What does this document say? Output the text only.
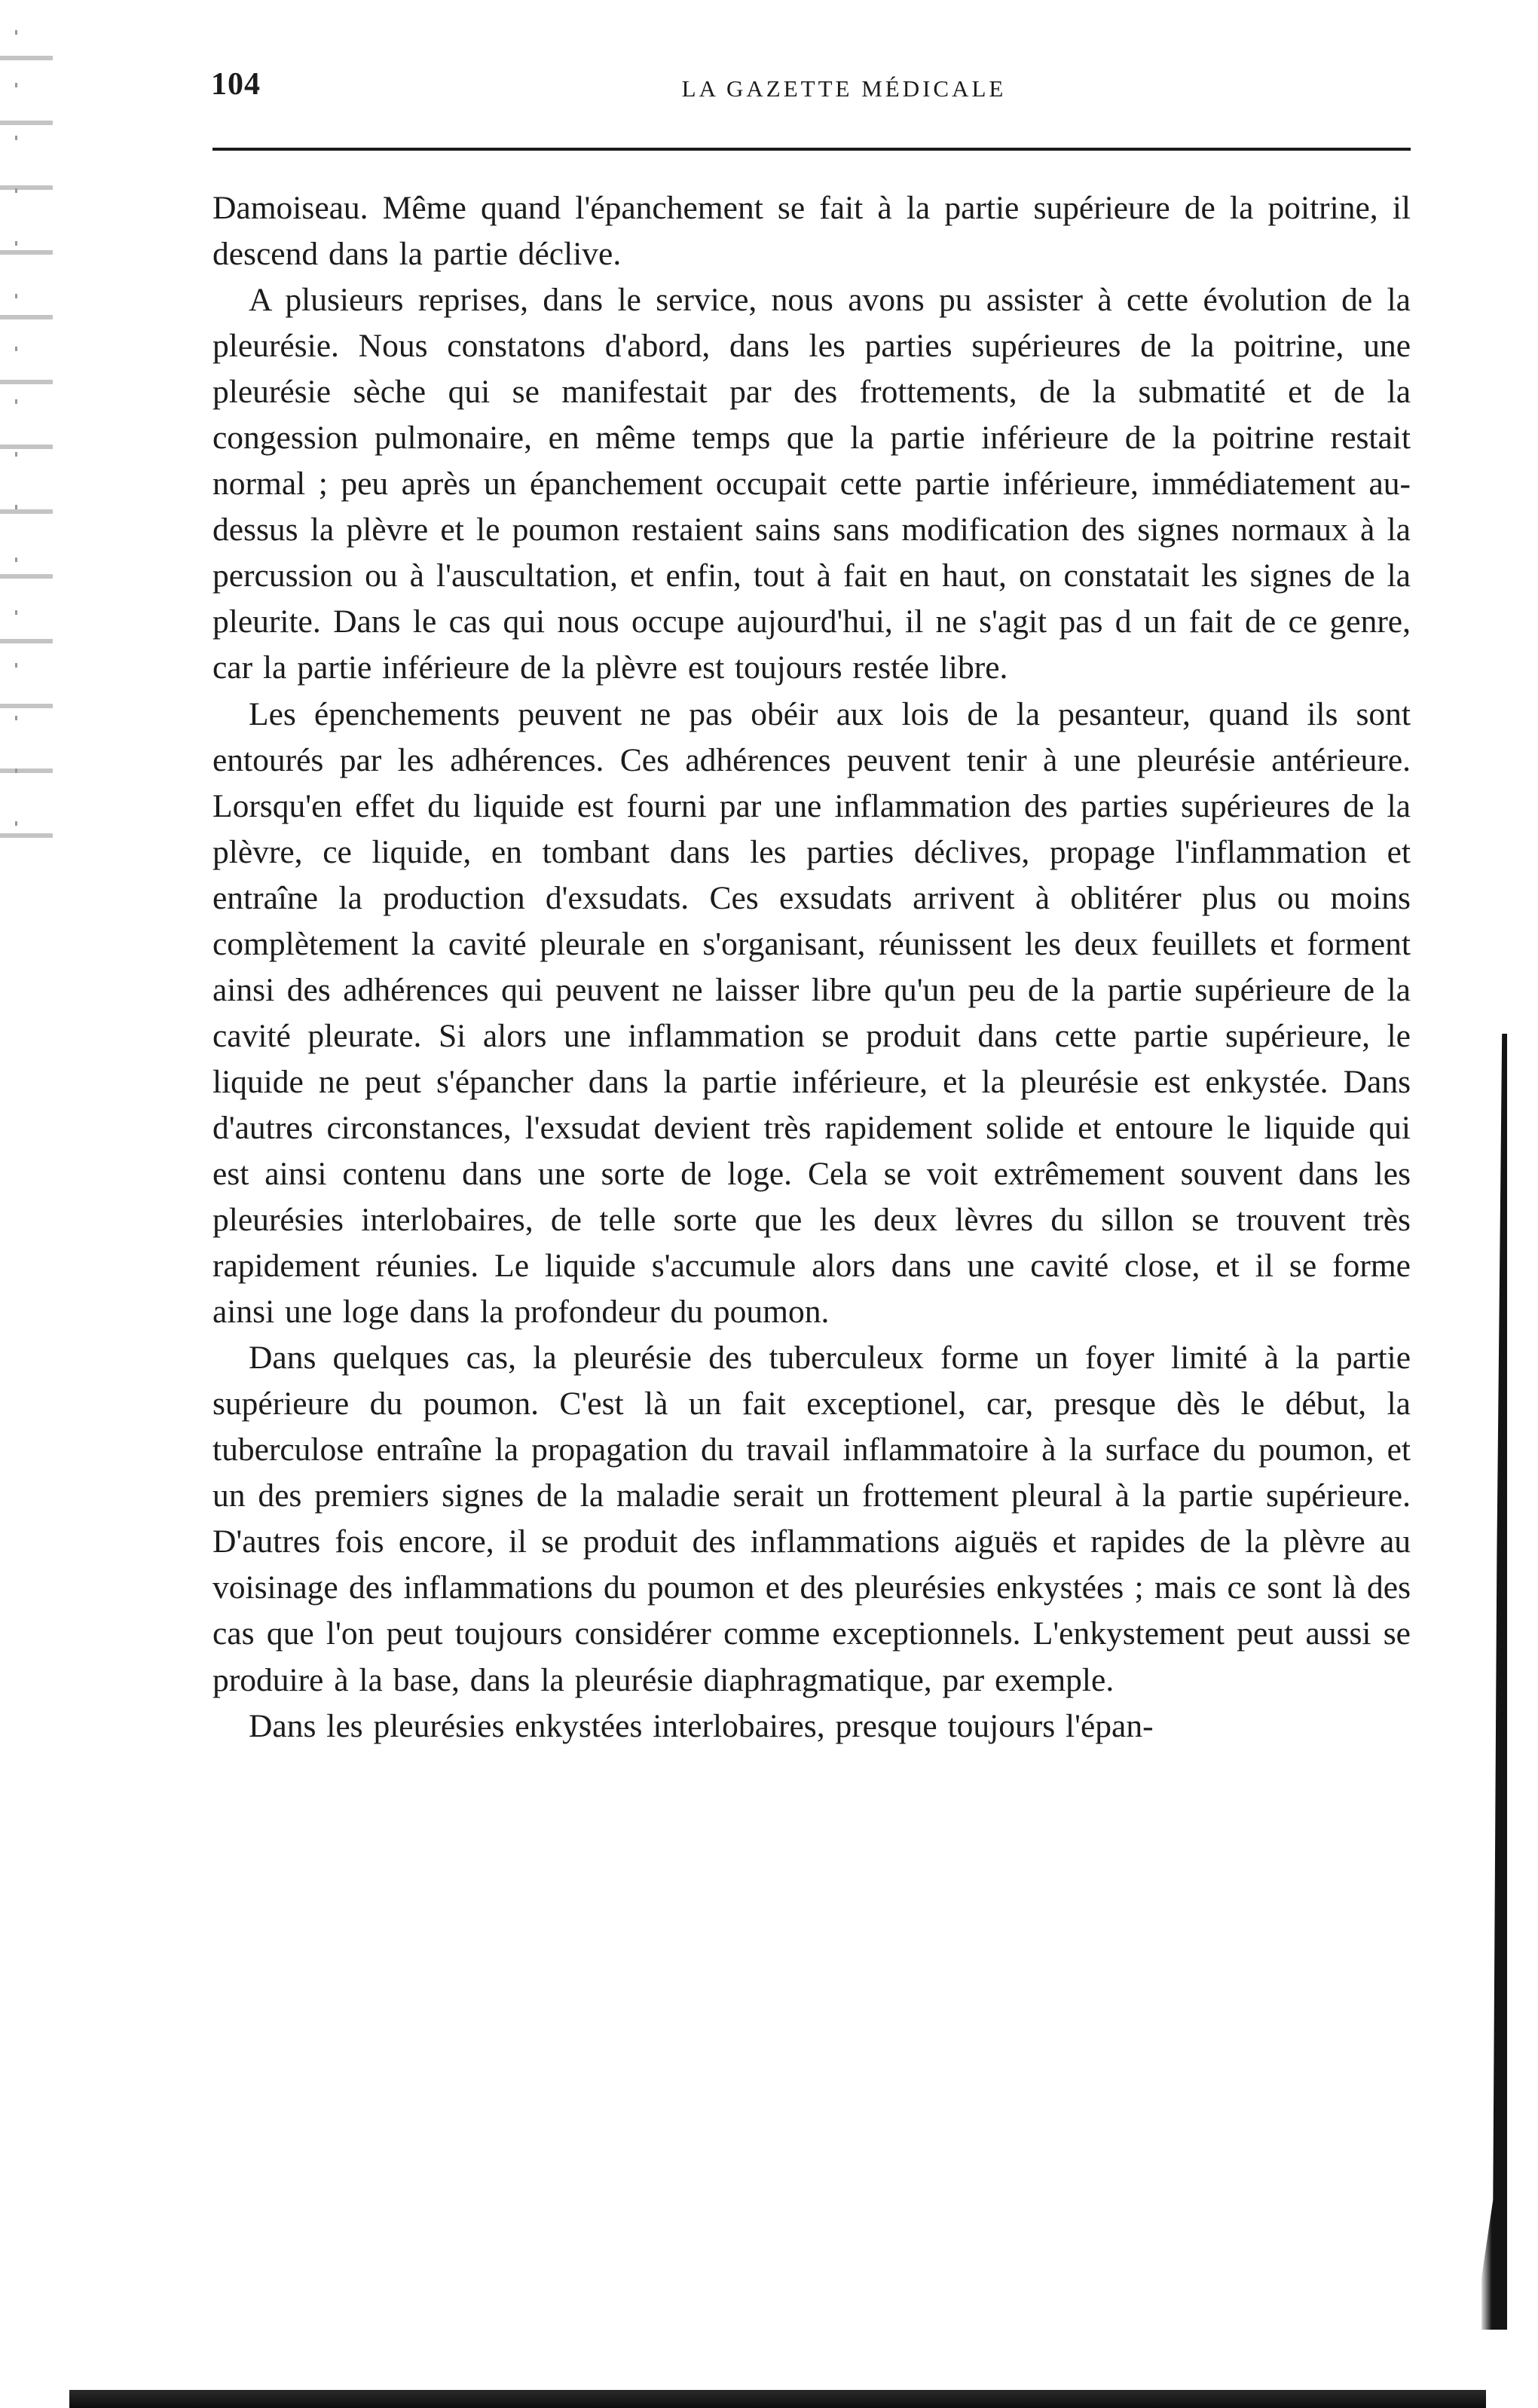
104	LA GAZETTE MÉDICALE

Damoiseau. Même quand l'épanchement se fait à la partie supérieure de la poitrine, il descend dans la partie déclive.

A plusieurs reprises, dans le service, nous avons pu assister à cette évolution de la pleurésie. Nous constatons d'abord, dans les parties supérieures de la poitrine, une pleurésie sèche qui se manifestait par des frottements, de la submatité et de la congession pulmonaire, en même temps que la partie inférieure de la poitrine restait normal ; peu après un épanchement occupait cette partie inférieure, immédiatement au-dessus la plèvre et le poumon restaient sains sans modification des signes normaux à la percussion ou à l'auscultation, et enfin, tout à fait en haut, on constatait les signes de la pleurite. Dans le cas qui nous occupe aujourd'hui, il ne s'agit pas d un fait de ce genre, car la partie inférieure de la plèvre est toujours restée libre.

Les épenchements peuvent ne pas obéir aux lois de la pesanteur, quand ils sont entourés par les adhérences. Ces adhérences peuvent tenir à une pleurésie antérieure. Lorsqu'en effet du liquide est fourni par une inflammation des parties supérieures de la plèvre, ce liquide, en tombant dans les parties déclives, propage l'inflammation et entraîne la production d'exsudats. Ces exsudats arrivent à oblitérer plus ou moins complètement la cavité pleurale en s'organisant, réunissent les deux feuillets et forment ainsi des adhérences qui peuvent ne laisser libre qu'un peu de la partie supérieure de la cavité pleurate. Si alors une inflammation se produit dans cette partie supérieure, le liquide ne peut s'épancher dans la partie inférieure, et la pleurésie est enkystée. Dans d'autres circonstances, l'exsudat devient très rapidement solide et entoure le liquide qui est ainsi contenu dans une sorte de loge. Cela se voit extrêmement souvent dans les pleurésies interlobaires, de telle sorte que les deux lèvres du sillon se trouvent très rapidement réunies. Le liquide s'accumule alors dans une cavité close, et il se forme ainsi une loge dans la profondeur du poumon.

Dans quelques cas, la pleurésie des tuberculeux forme un foyer limité à la partie supérieure du poumon. C'est là un fait exceptionel, car, presque dès le début, la tuberculose entraîne la propagation du travail inflammatoire à la surface du poumon, et un des premiers signes de la maladie serait un frottement pleural à la partie supérieure. D'autres fois encore, il se produit des inflammations aiguës et rapides de la plèvre au voisinage des inflammations du poumon et des pleurésies enkystées ; mais ce sont là des cas que l'on peut toujours considérer comme exceptionnels. L'enkystement peut aussi se produire à la base, dans la pleurésie diaphragmatique, par exemple.

Dans les pleurésies enkystées interlobaires, presque toujours l'épan-
